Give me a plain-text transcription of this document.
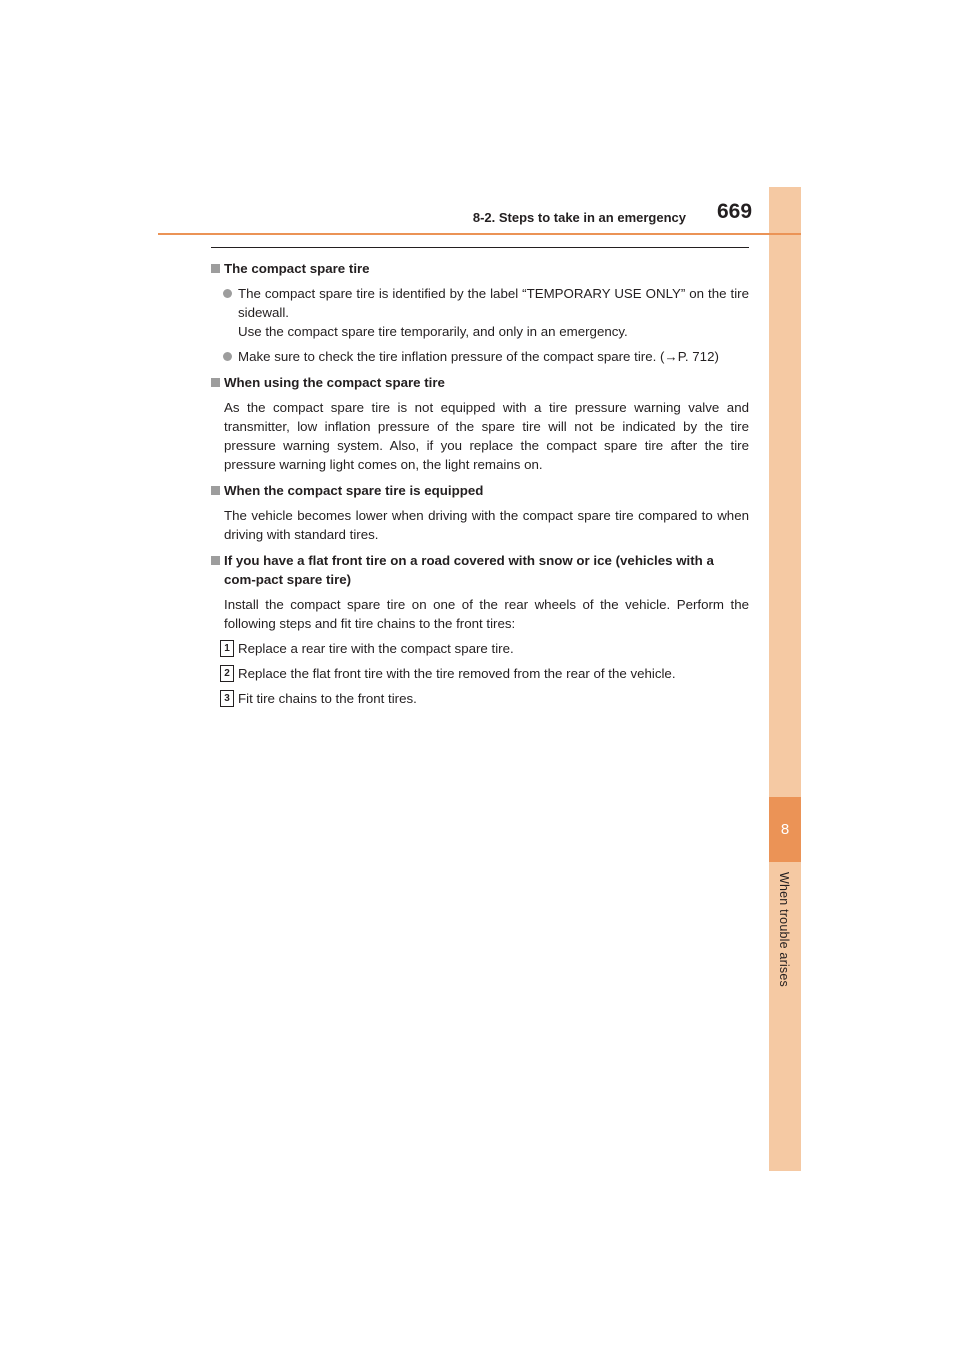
8
When trouble arises
8-2. Steps to take in an emergency 669
The compact spare tire
The compact spare tire is identified by the label “TEMPORARY USE ONLY” on the tire sidewall.
Use the compact spare tire temporarily, and only in an emergency.
Make sure to check the tire inflation pressure of the compact spare tire. (→P. 712)
When using the compact spare tire
As the compact spare tire is not equipped with a tire pressure warning valve and transmitter, low inflation pressure of the spare tire will not be indicated by the tire pressure warning system. Also, if you replace the compact spare tire after the tire pressure warning light comes on, the light remains on.
When the compact spare tire is equipped
The vehicle becomes lower when driving with the compact spare tire compared to when driving with standard tires.
If you have a flat front tire on a road covered with snow or ice (vehicles with a com-pact spare tire)
Install the compact spare tire on one of the rear wheels of the vehicle. Perform the following steps and fit tire chains to the front tires:
1 Replace a rear tire with the compact spare tire.
2 Replace the flat front tire with the tire removed from the rear of the vehicle.
3 Fit tire chains to the front tires.
